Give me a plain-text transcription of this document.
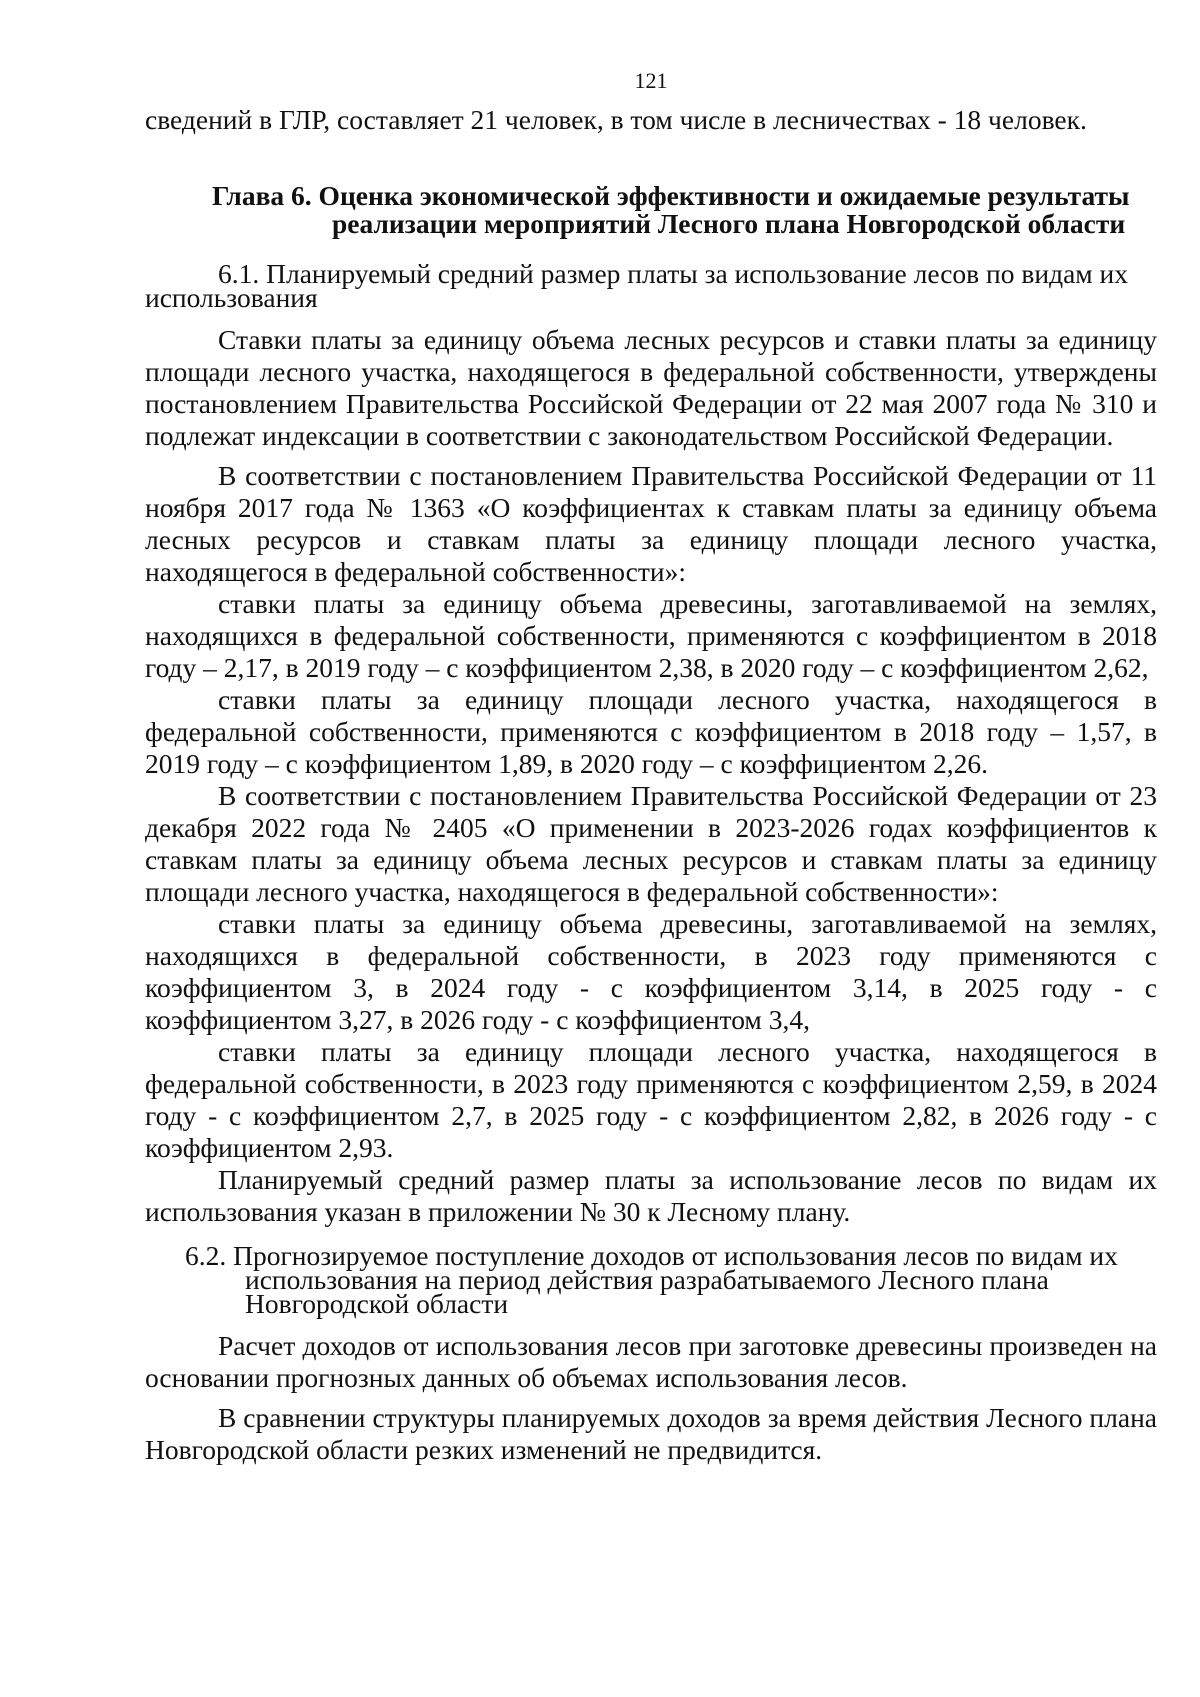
121

сведений в ГЛР, составляет 21 человек, в том числе в лесничествах - 18 человек.

Глава 6. Оценка экономической эффективности и ожидаемые результаты реализации мероприятий Лесного плана Новгородской области

6.1. Планируемый средний размер платы за использование лесов по видам их использования

Ставки платы за единицу объема лесных ресурсов и ставки платы за единицу площади лесного участка, находящегося в федеральной собственности, утверждены постановлением Правительства Российской Федерации от 22 мая 2007 года № 310 и подлежат индексации в соответствии с законодательством Российской Федерации.

В соответствии с постановлением Правительства Российской Федерации от 11 ноября 2017 года № 1363 «О коэффициентах к ставкам платы за единицу объема лесных ресурсов и ставкам платы за единицу площади лесного участка, находящегося в федеральной собственности»:

ставки платы за единицу объема древесины, заготавливаемой на землях, находящихся в федеральной собственности, применяются с коэффициентом в 2018 году – 2,17, в 2019 году – с коэффициентом 2,38, в 2020 году – с коэффициентом 2,62,

ставки платы за единицу площади лесного участка, находящегося в федеральной собственности, применяются с коэффициентом в 2018 году – 1,57, в 2019 году – с коэффициентом 1,89, в 2020 году – с коэффициентом 2,26.

В соответствии с постановлением Правительства Российской Федерации от 23 декабря 2022 года № 2405 «О применении в 2023-2026 годах коэффициентов к ставкам платы за единицу объема лесных ресурсов и ставкам платы за единицу площади лесного участка, находящегося в федеральной собственности»:

ставки платы за единицу объема древесины, заготавливаемой на землях, находящихся в федеральной собственности, в 2023 году применяются с коэффициентом 3, в 2024 году - с коэффициентом 3,14, в 2025 году - с коэффициентом 3,27, в 2026 году - с коэффициентом 3,4,

ставки платы за единицу площади лесного участка, находящегося в федеральной собственности, в 2023 году применяются с коэффициентом 2,59, в 2024 году - с коэффициентом 2,7, в 2025 году - с коэффициентом 2,82, в 2026 году - с коэффициентом 2,93.

Планируемый средний размер платы за использование лесов по видам их использования указан в приложении № 30 к Лесному плану.

6.2. Прогнозируемое поступление доходов от использования лесов по видам их использования на период действия разрабатываемого Лесного плана Новгородской области

Расчет доходов от использования лесов при заготовке древесины произведен на основании прогнозных данных об объемах использования лесов.

В сравнении структуры планируемых доходов за время действия Лесного плана Новгородской области резких изменений не предвидится.
